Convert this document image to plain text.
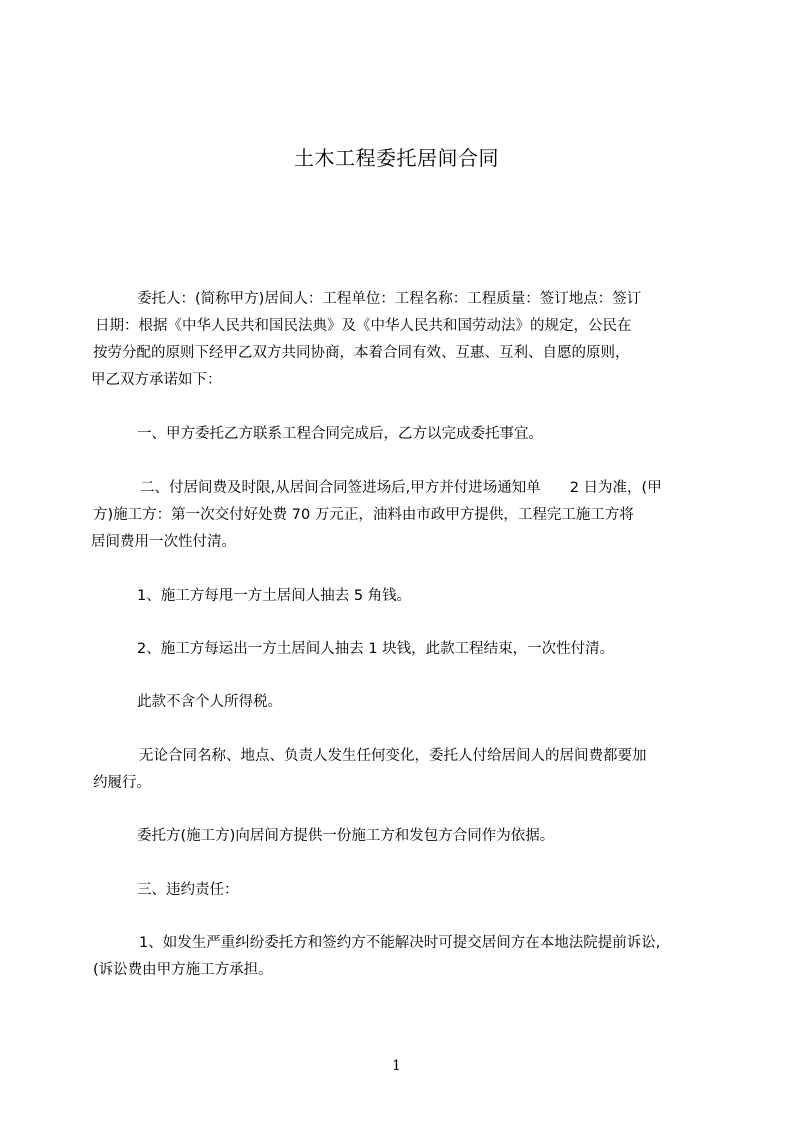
土木工程委托居间合同
委托人：(简称甲方)居间人：工程单位：工程名称：工程质量：签订地点：签订
日期：根据《中华人民共和国民法典》及《中华人民共和国劳动法》的规定，公民在
按劳分配的原则下经甲乙双方共同协商，本着合同有效、互惠、互利、自愿的原则，
甲乙双方承诺如下：
一、甲方委托乙方联系工程合同完成后，乙方以完成委托事宜。
二、付居间费及时限,从居间合同签进场后,甲方并付进场通知单　　2 日为准，(甲
方)施工方：第一次交付好处费 70 万元正，油料由市政甲方提供，工程完工施工方将
居间费用一次性付清。
1、施工方每甩一方土居间人抽去 5 角钱。
2、施工方每运出一方土居间人抽去 1 块钱，此款工程结束，一次性付清。
此款不含个人所得税。
无论合同名称、地点、负责人发生任何变化，委托人付给居间人的居间费都要加
约履行。
委托方(施工方)向居间方提供一份施工方和发包方合同作为依据。
三、违约责任：
1、如发生严重纠纷委托方和签约方不能解决时可提交居间方在本地法院提前诉讼,
(诉讼费由甲方施工方承担。
1
